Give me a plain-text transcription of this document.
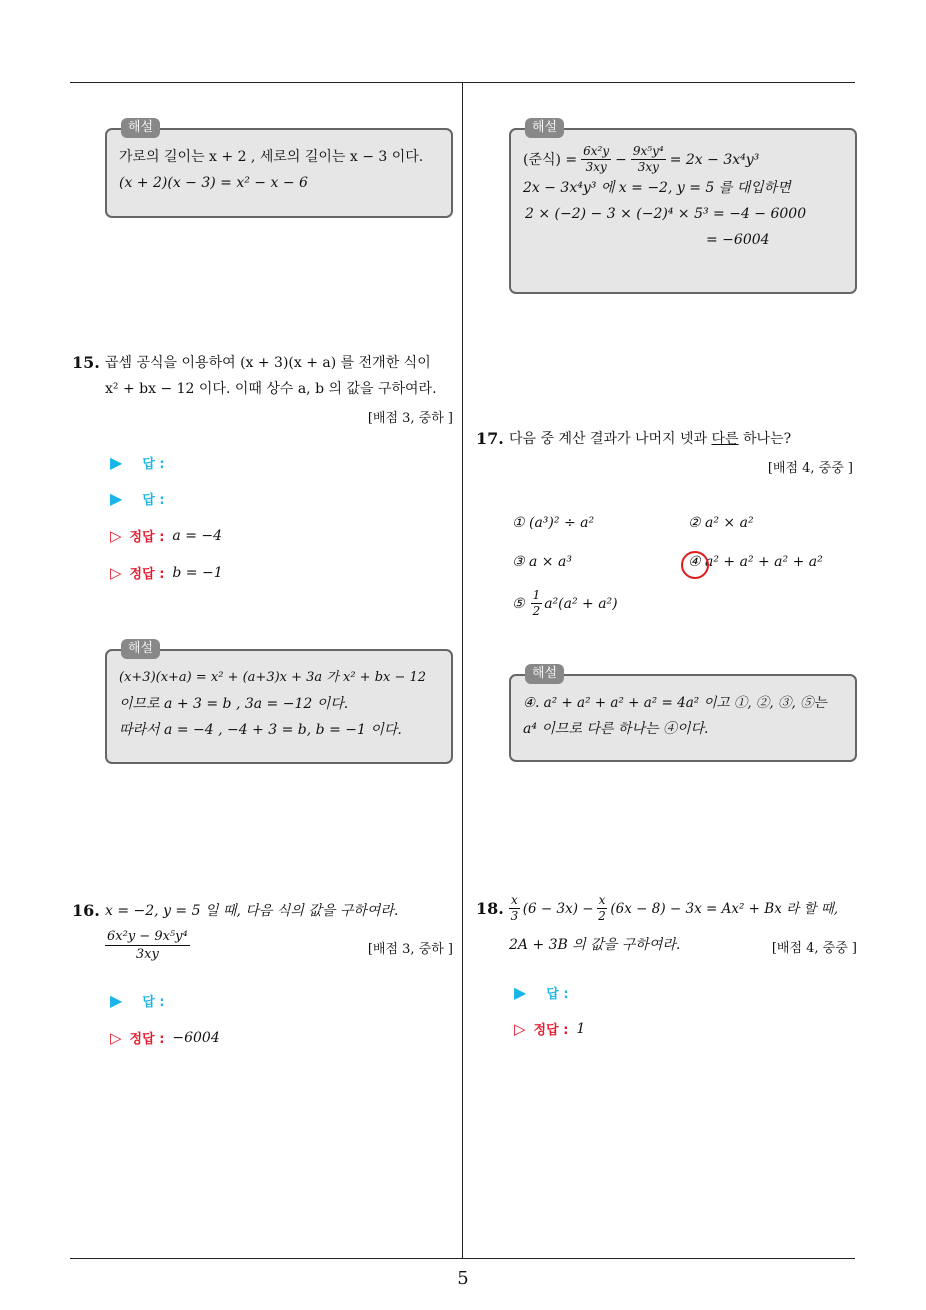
해설
가로의 길이는 x + 2 , 세로의 길이는 x − 3 이다.
(x + 2)(x − 3) = x² − x − 6
해설
(준식) = $\frac{\text{6x²y}}{3xy} - \frac{\text{9x⁵y⁴}}{3xy} = 2x - 3x^4y^3$
2x − 3x⁴y³ 에 x = −2, y = 5 를 대입하면
2 × (−2) − 3 × (−2)⁴ × 5³ = −4 − 6000
= −6004
15. 곱셈 공식을 이용하여 (x + 3)(x + a) 를 전개한 식이
x² + bx − 12 이다. 이때 상수 a, b 의 값을 구하여라.
[배점 3, 중하 ]
▶ 답 :
▶ 답 :
▷ 정답 : a = −4
▷ 정답 : b = −1
해설
(x+3)(x+a) = x² + (a+3)x + 3a 가 x² + bx − 12
이므로 a + 3 = b , 3a = −12 이다.
따라서 a = −4 , −4 + 3 = b, b = −1 이다.
17. 다음 중 계산 결과가 나머지 넷과 다른 하나는?
[배점 4, 중중 ]
① (a³)² ÷ a²	② a² × a²
③ a × a³	④ a² + a² + a² + a²
⑤ $\frac{1}{2} a^2(a^2 + a^2)$
해설
④. a² + a² + a² + a² = 4a² 이고 ①, ②, ③, ⑤는
a⁴ 이므로 다른 하나는 ④이다.
16. x = −2, y = 5 일 때, 다음 식의 값을 구하여라.
$\frac{\text{6x²y − 9x⁵y⁴}}{3xy}$	[배점 3, 중하 ]
▶ 답 :
▷ 정답 : −6004
18. $\frac{x}{3} (6 - 3x) - \frac{x}{2} (6x - 8) - 3x = Ax^2 + Bx$ 라 할 때,
2A + 3B 의 값을 구하여라.	[배점 4, 중중 ]
▶ 답 :
▷ 정답 : 1
5
